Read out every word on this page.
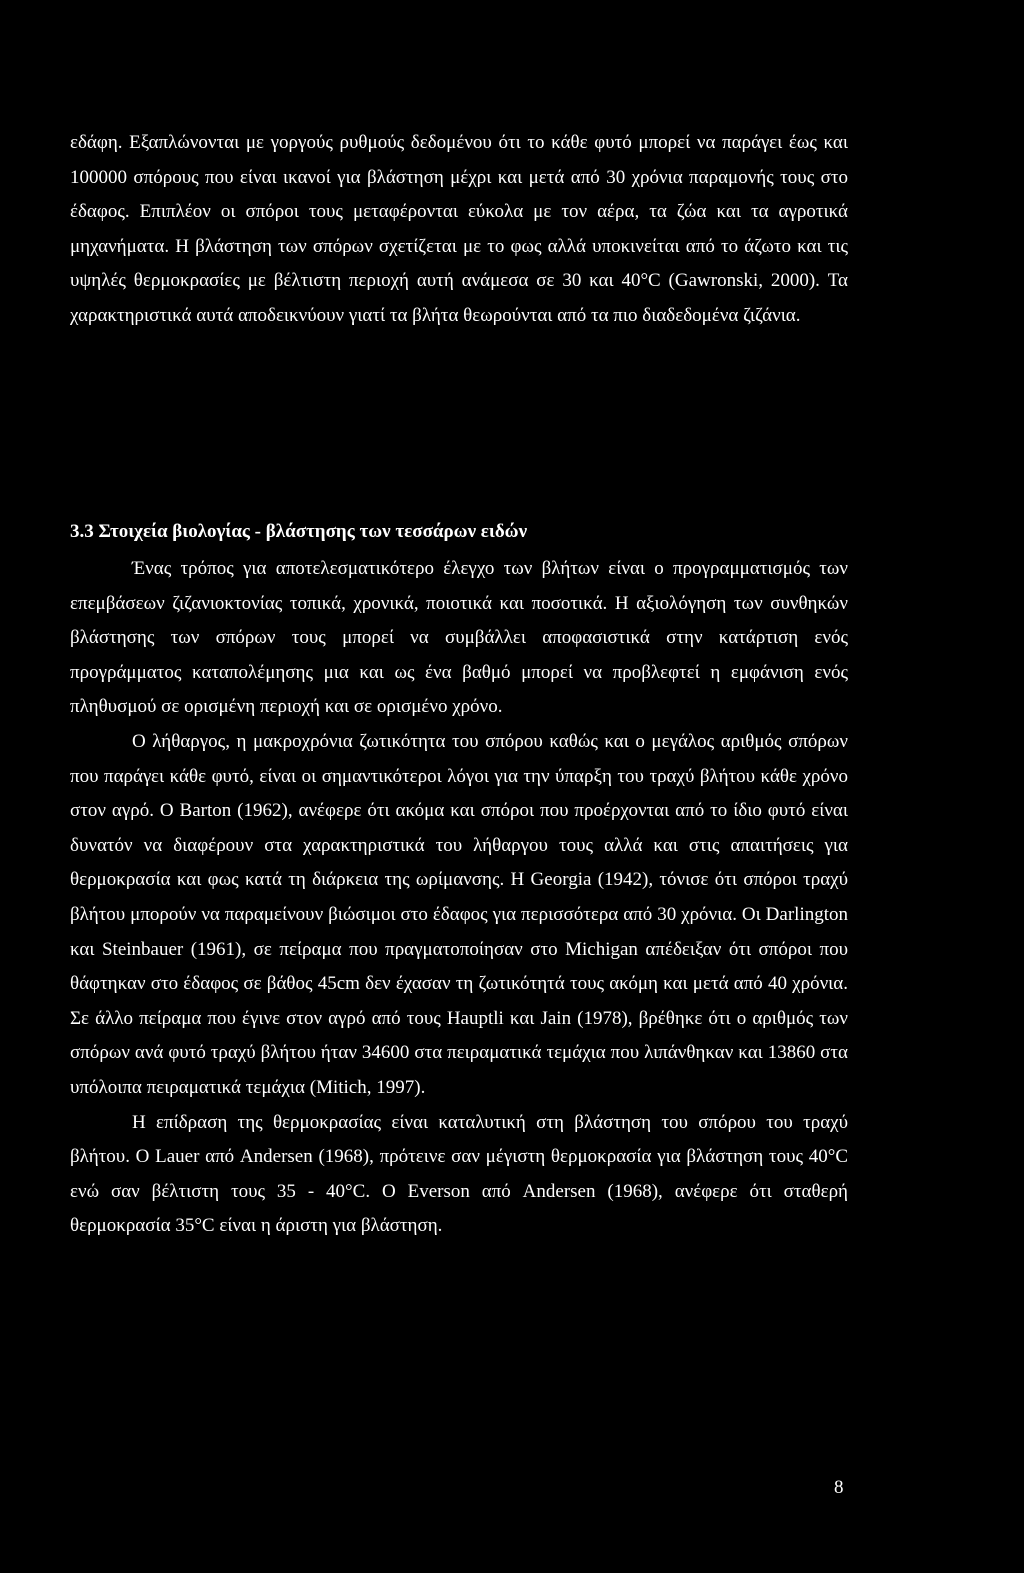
εδάφη. Εξαπλώνονται με γοργούς ρυθμούς δεδομένου ότι το κάθε φυτό μπορεί να παράγει έως και 100000 σπόρους που είναι ικανοί για βλάστηση μέχρι και μετά από 30 χρόνια παραμονής τους στο έδαφος. Επιπλέον οι σπόροι τους μεταφέρονται εύκολα με τον αέρα, τα ζώα και τα αγροτικά μηχανήματα. Η βλάστηση των σπόρων σχετίζεται με το φως αλλά υποκινείται από το άζωτο και τις υψηλές θερμοκρασίες με βέλτιστη περιοχή αυτή ανάμεσα σε 30 και 40°C (Gawronski, 2000). Τα χαρακτηριστικά αυτά αποδεικνύουν γιατί τα βλήτα θεωρούνται από τα πιο διαδεδομένα ζιζάνια.

3.3 Στοιχεία βιολογίας - βλάστησης των τεσσάρων ειδών

Ένας τρόπος για αποτελεσματικότερο έλεγχο των βλήτων είναι ο προγραμματισμός των επεμβάσεων ζιζανιοκτονίας τοπικά, χρονικά, ποιοτικά και ποσοτικά. Η αξιολόγηση των συνθηκών βλάστησης των σπόρων τους μπορεί να συμβάλλει αποφασιστικά στην κατάρτιση ενός προγράμματος καταπολέμησης μια και ως ένα βαθμό μπορεί να προβλεφτεί η εμφάνιση ενός πληθυσμού σε ορισμένη περιοχή και σε ορισμένο χρόνο.

Ο λήθαργος, η μακροχρόνια ζωτικότητα του σπόρου καθώς και ο μεγάλος αριθμός σπόρων που παράγει κάθε φυτό, είναι οι σημαντικότεροι λόγοι για την ύπαρξη του τραχύ βλήτου κάθε χρόνο στον αγρό. Ο Barton (1962), ανέφερε ότι ακόμα και σπόροι που προέρχονται από το ίδιο φυτό είναι δυνατόν να διαφέρουν στα χαρακτηριστικά του λήθαργου τους αλλά και στις απαιτήσεις για θερμοκρασία και φως κατά τη διάρκεια της ωρίμανσης. Η Georgia (1942), τόνισε ότι σπόροι τραχύ βλήτου μπορούν να παραμείνουν βιώσιμοι στο έδαφος για περισσότερα από 30 χρόνια. Οι Darlington και Steinbauer (1961), σε πείραμα που πραγματοποίησαν στο Michigan απέδειξαν ότι σπόροι που θάφτηκαν στο έδαφος σε βάθος 45cm δεν έχασαν τη ζωτικότητά τους ακόμη και μετά από 40 χρόνια. Σε άλλο πείραμα που έγινε στον αγρό από τους Hauptli και Jain (1978), βρέθηκε ότι ο αριθμός των σπόρων ανά φυτό τραχύ βλήτου ήταν 34600 στα πειραματικά τεμάχια που λιπάνθηκαν και 13860 στα υπόλοιπα πειραματικά τεμάχια (Mitich, 1997).

Η επίδραση της θερμοκρασίας είναι καταλυτική στη βλάστηση του σπόρου του τραχύ βλήτου. Ο Lauer από Andersen (1968), πρότεινε σαν μέγιστη θερμοκρασία για βλάστηση τους 40°C ενώ σαν βέλτιστη τους 35 - 40°C. Ο Everson από Andersen (1968), ανέφερε ότι σταθερή θερμοκρασία 35°C είναι η άριστη για βλάστηση.

8
